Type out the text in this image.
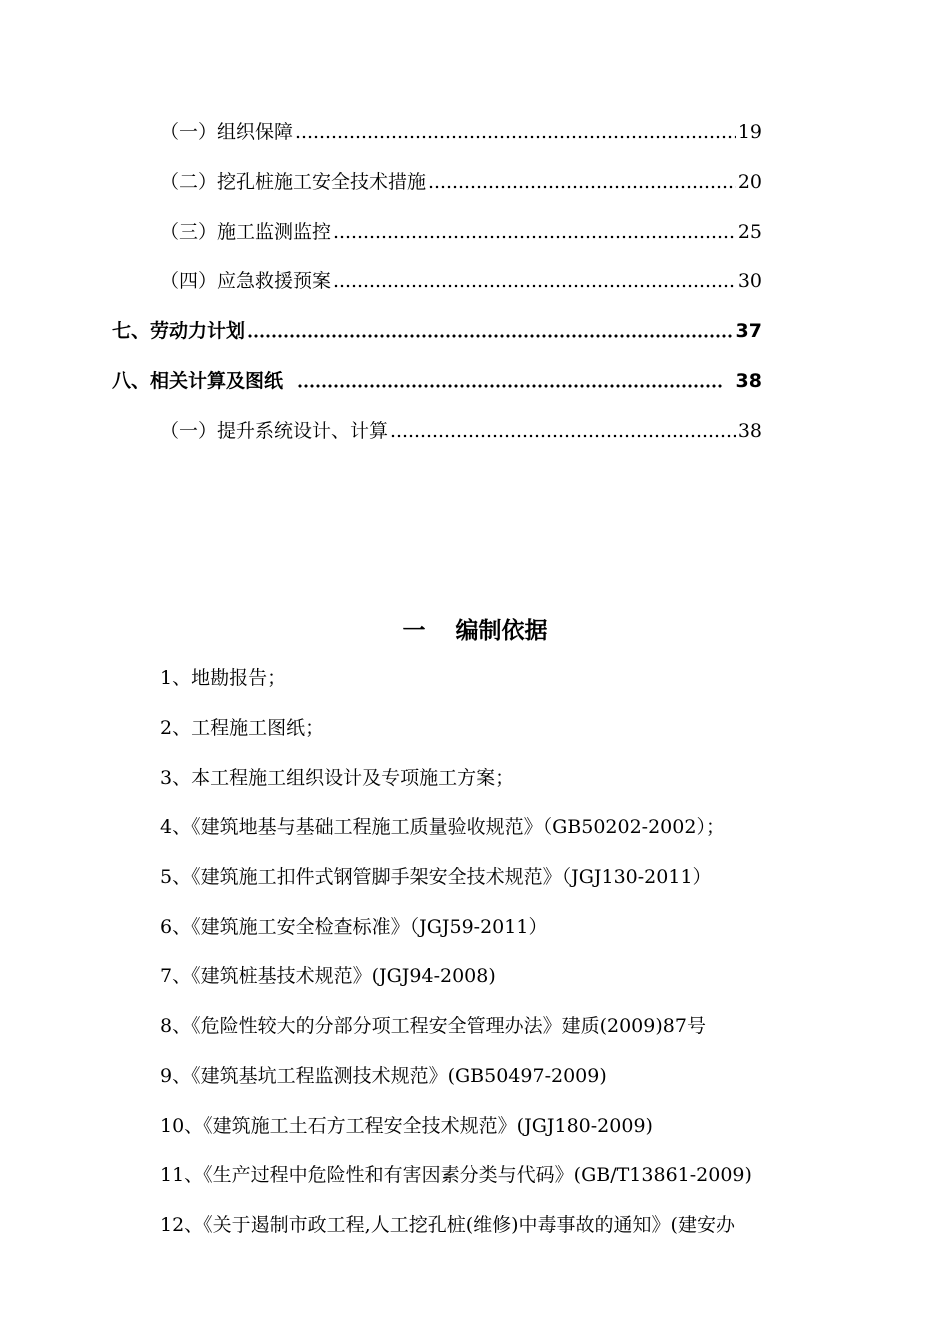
（一）组织保障	19
（二）挖孔桩施工安全技术措施	20
（三）施工监测监控	25
（四）应急救援预案	30
七、劳动力计划	37
八、相关计算及图纸	38
（一）提升系统设计、计算	38
一 编制依据
1、地勘报告；
2、工程施工图纸；
3、本工程施工组织设计及专项施工方案；
4、《建筑地基与基础工程施工质量验收规范》（GB50202-2002）；
5、《建筑施工扣件式钢管脚手架安全技术规范》（JGJ130-2011）
6、《建筑施工安全检查标准》（JGJ59-2011）
7、《建筑桩基技术规范》(JGJ94-2008)
8、《危险性较大的分部分项工程安全管理办法》建质(2009)87号
9、《建筑基坑工程监测技术规范》(GB50497-2009)
10、《建筑施工土石方工程安全技术规范》(JGJ180-2009)
11、《生产过程中危险性和有害因素分类与代码》(GB/T13861-2009)
12、《关于遏制市政工程,人工挖孔桩(维修)中毒事故的通知》(建安办
